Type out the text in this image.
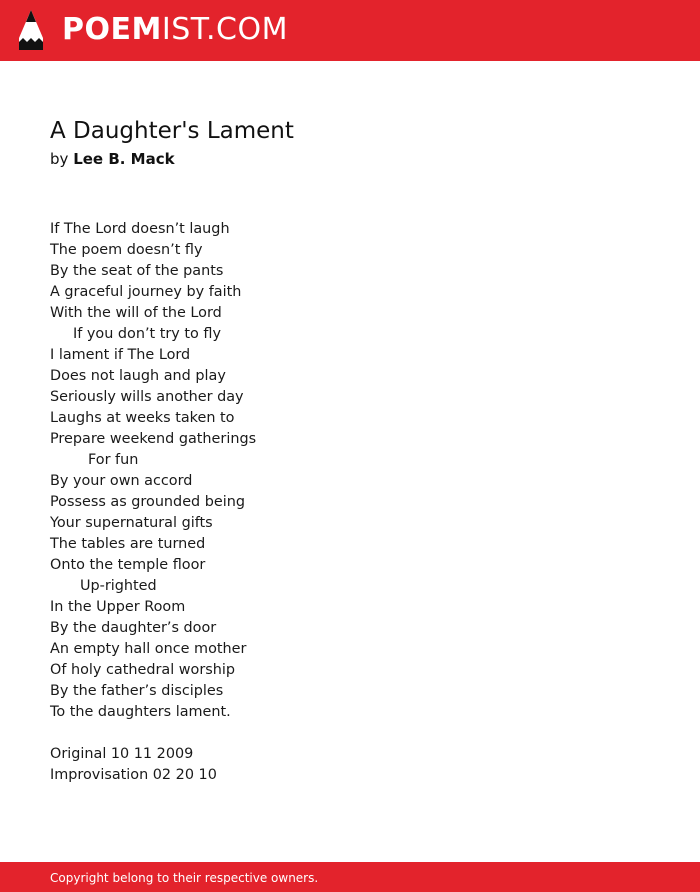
POEMIST.COM
A Daughter's Lament
by Lee B. Mack
If The Lord doesn’t laugh
The poem doesn’t fly
By the seat of the pants
A graceful journey by faith
With the will of the Lord
If you don’t try to fly
I lament if The Lord
Does not laugh and play
Seriously wills another day
Laughs at weeks taken to
Prepare weekend gatherings
For fun
By your own accord
Possess as grounded being
Your supernatural gifts
The tables are turned
Onto the temple floor
Up-righted
In the Upper Room
By the daughter’s door
An empty hall once mother
Of holy cathedral worship
By the father’s disciples
To the daughters lament.
Original 10 11 2009
Improvisation 02 20 10
Copyright belong to their respective owners.
